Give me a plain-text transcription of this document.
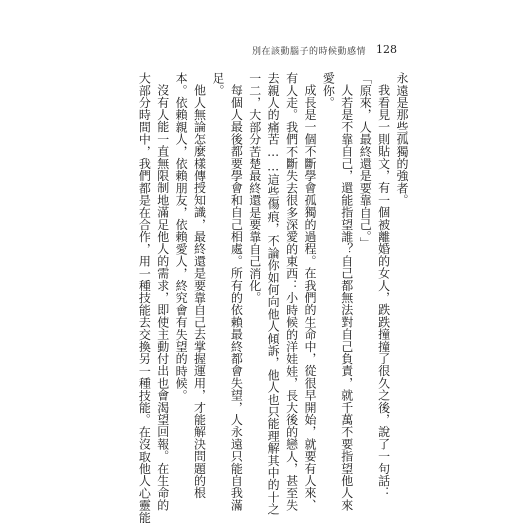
別在該動腦子的時候動感情 128
永遠是那些孤獨的強者。
我看見一則貼文，有一個被離婚的女人，跌跌撞撞了很久之後，說了一句話：
「原來，人最終還是要靠自己。」
人若是不靠自己，還能指望誰？自己都無法對自己負責，就千萬不要指望他人來
愛你。
成長是一個不斷學會孤獨的過程。在我們的生命中，從很早開始，就要有人來、
有人走。我們不斷失去很多深愛的東西：小時候的洋娃娃，長大後的戀人，甚至失
去親人的痛苦……這些傷痕，不論你如何向他人傾訴，他人也只能理解其中的十之
一二，大部分苦楚最終還是要靠自己消化。
每個人最後都要學會和自己相處。所有的依賴最終都會失望，人永遠只能自我滿
足。
他人無論怎麼樣傳授知識，最終還是要靠自己去掌握運用，才能解決問題的根
本。依賴親人，依賴朋友，依賴愛人，終究會有失望的時候。
沒有人能一直無限制地滿足他人的需求，即使主動付出也會渴望回報。在生命的
大部分時間中，我們都是在合作，用一種技能去交換另一種技能。在沒取他人心靈能
